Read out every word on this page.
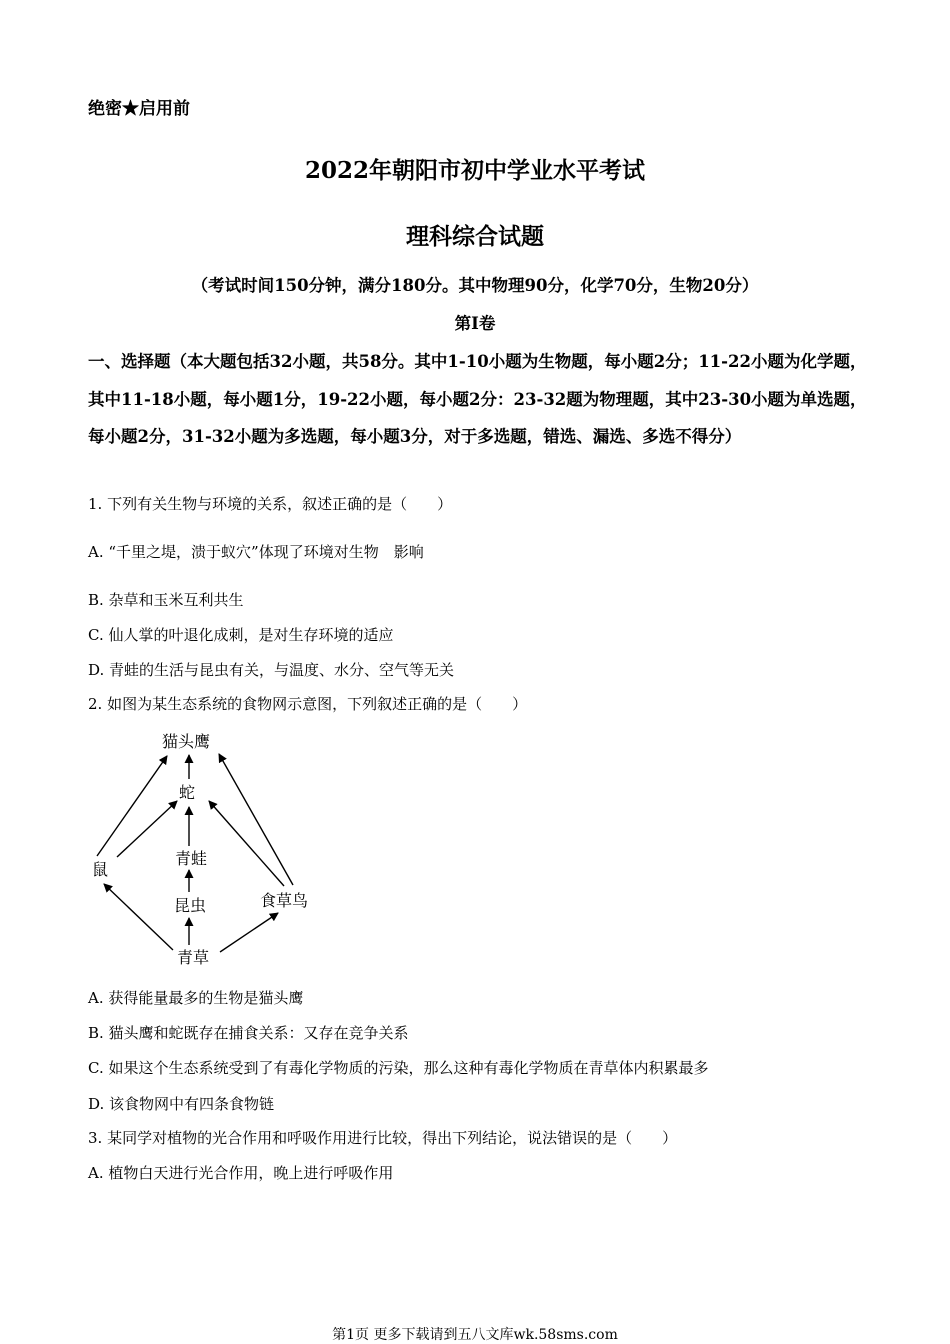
绝密★启用前
2022年朝阳市初中学业水平考试
理科综合试题
（考试时间150分钟，满分180分。其中物理90分，化学70分，生物20分）
第Ⅰ卷
一、选择题（本大题包括32小题，共58分。其中1-10小题为生物题，每小题2分；11-22小题为化学题，其中11-18小题，每小题1分，19-22小题，每小题2分：23-32题为物理题，其中23-30小题为单选题，每小题2分，31-32小题为多选题，每小题3分，对于多选题，错选、漏选、多选不得分）
1. 下列有关生物与环境的关系，叙述正确的是（　　）
A. “千里之堤，溃于蚁穴”体现了环境对生物　影响
B. 杂草和玉米互利共生
C. 仙人掌的叶退化成刺，是对生存环境的适应
D. 青蛙的生活与昆虫有关，与温度、水分、空气等无关
2. 如图为某生态系统的食物网示意图，下列叙述正确的是（　　）
猫头鹰
蛇
青蛙
鼠
昆虫	食草鸟
青草
A. 获得能量最多的生物是猫头鹰
B. 猫头鹰和蛇既存在捕食关系：又存在竞争关系
C. 如果这个生态系统受到了有毒化学物质的污染，那么这种有毒化学物质在青草体内积累最多
D. 该食物网中有四条食物链
3. 某同学对植物的光合作用和呼吸作用进行比较，得出下列结论，说法错误的是（　　）
A. 植物白天进行光合作用，晚上进行呼吸作用
第1页 更多下载请到五八文库wk.58sms.com
